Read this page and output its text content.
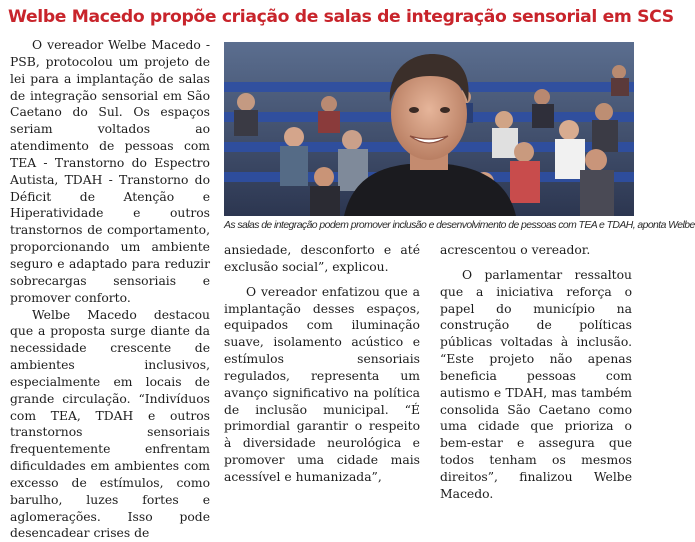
Welbe Macedo propõe criação de salas de integração sensorial em SCS

O vereador Welbe Macedo - PSB, protocolou um projeto de lei para a implantação de salas de integração sensorial em São Caetano do Sul. Os espaços seriam voltados ao atendimento de pessoas com TEA - Transtorno do Espectro Autista, TDAH - Transtorno do Déficit de Atenção e Hiperatividade e outros transtornos de comportamento, proporcionando um ambiente seguro e adaptado para reduzir sobrecargas sensoriais e promover conforto.

Welbe Macedo destacou que a proposta surge diante da necessidade crescente de ambientes inclusivos, especialmente em locais de grande circulação. “Indivíduos com TEA, TDAH e outros transtornos sensoriais frequentemente enfrentam dificuldades em ambientes com excesso de estímulos, como barulho, luzes fortes e aglomerações. Isso pode desencadear crises de

As salas de integração podem promover inclusão e desenvolvimento de pessoas com TEA e TDAH, aponta Welbe

ansiedade, desconforto e até exclusão social”, explicou.

O vereador enfatizou que a implantação desses espaços, equipados com iluminação suave, isolamento acústico e estímulos sensoriais regulados, representa um avanço significativo na política de inclusão municipal. “É primordial garantir o respeito à diversidade neurológica e promover uma cidade mais acessível e humanizada”,

acrescentou o vereador.

O parlamentar ressaltou que a iniciativa reforça o papel do município na construção de políticas públicas voltadas à inclusão. “Este projeto não apenas beneficia pessoas com autismo e TDAH, mas também consolida São Caetano como uma cidade que prioriza o bem-estar e assegura que todos tenham os mesmos direitos”, finalizou Welbe Macedo.
